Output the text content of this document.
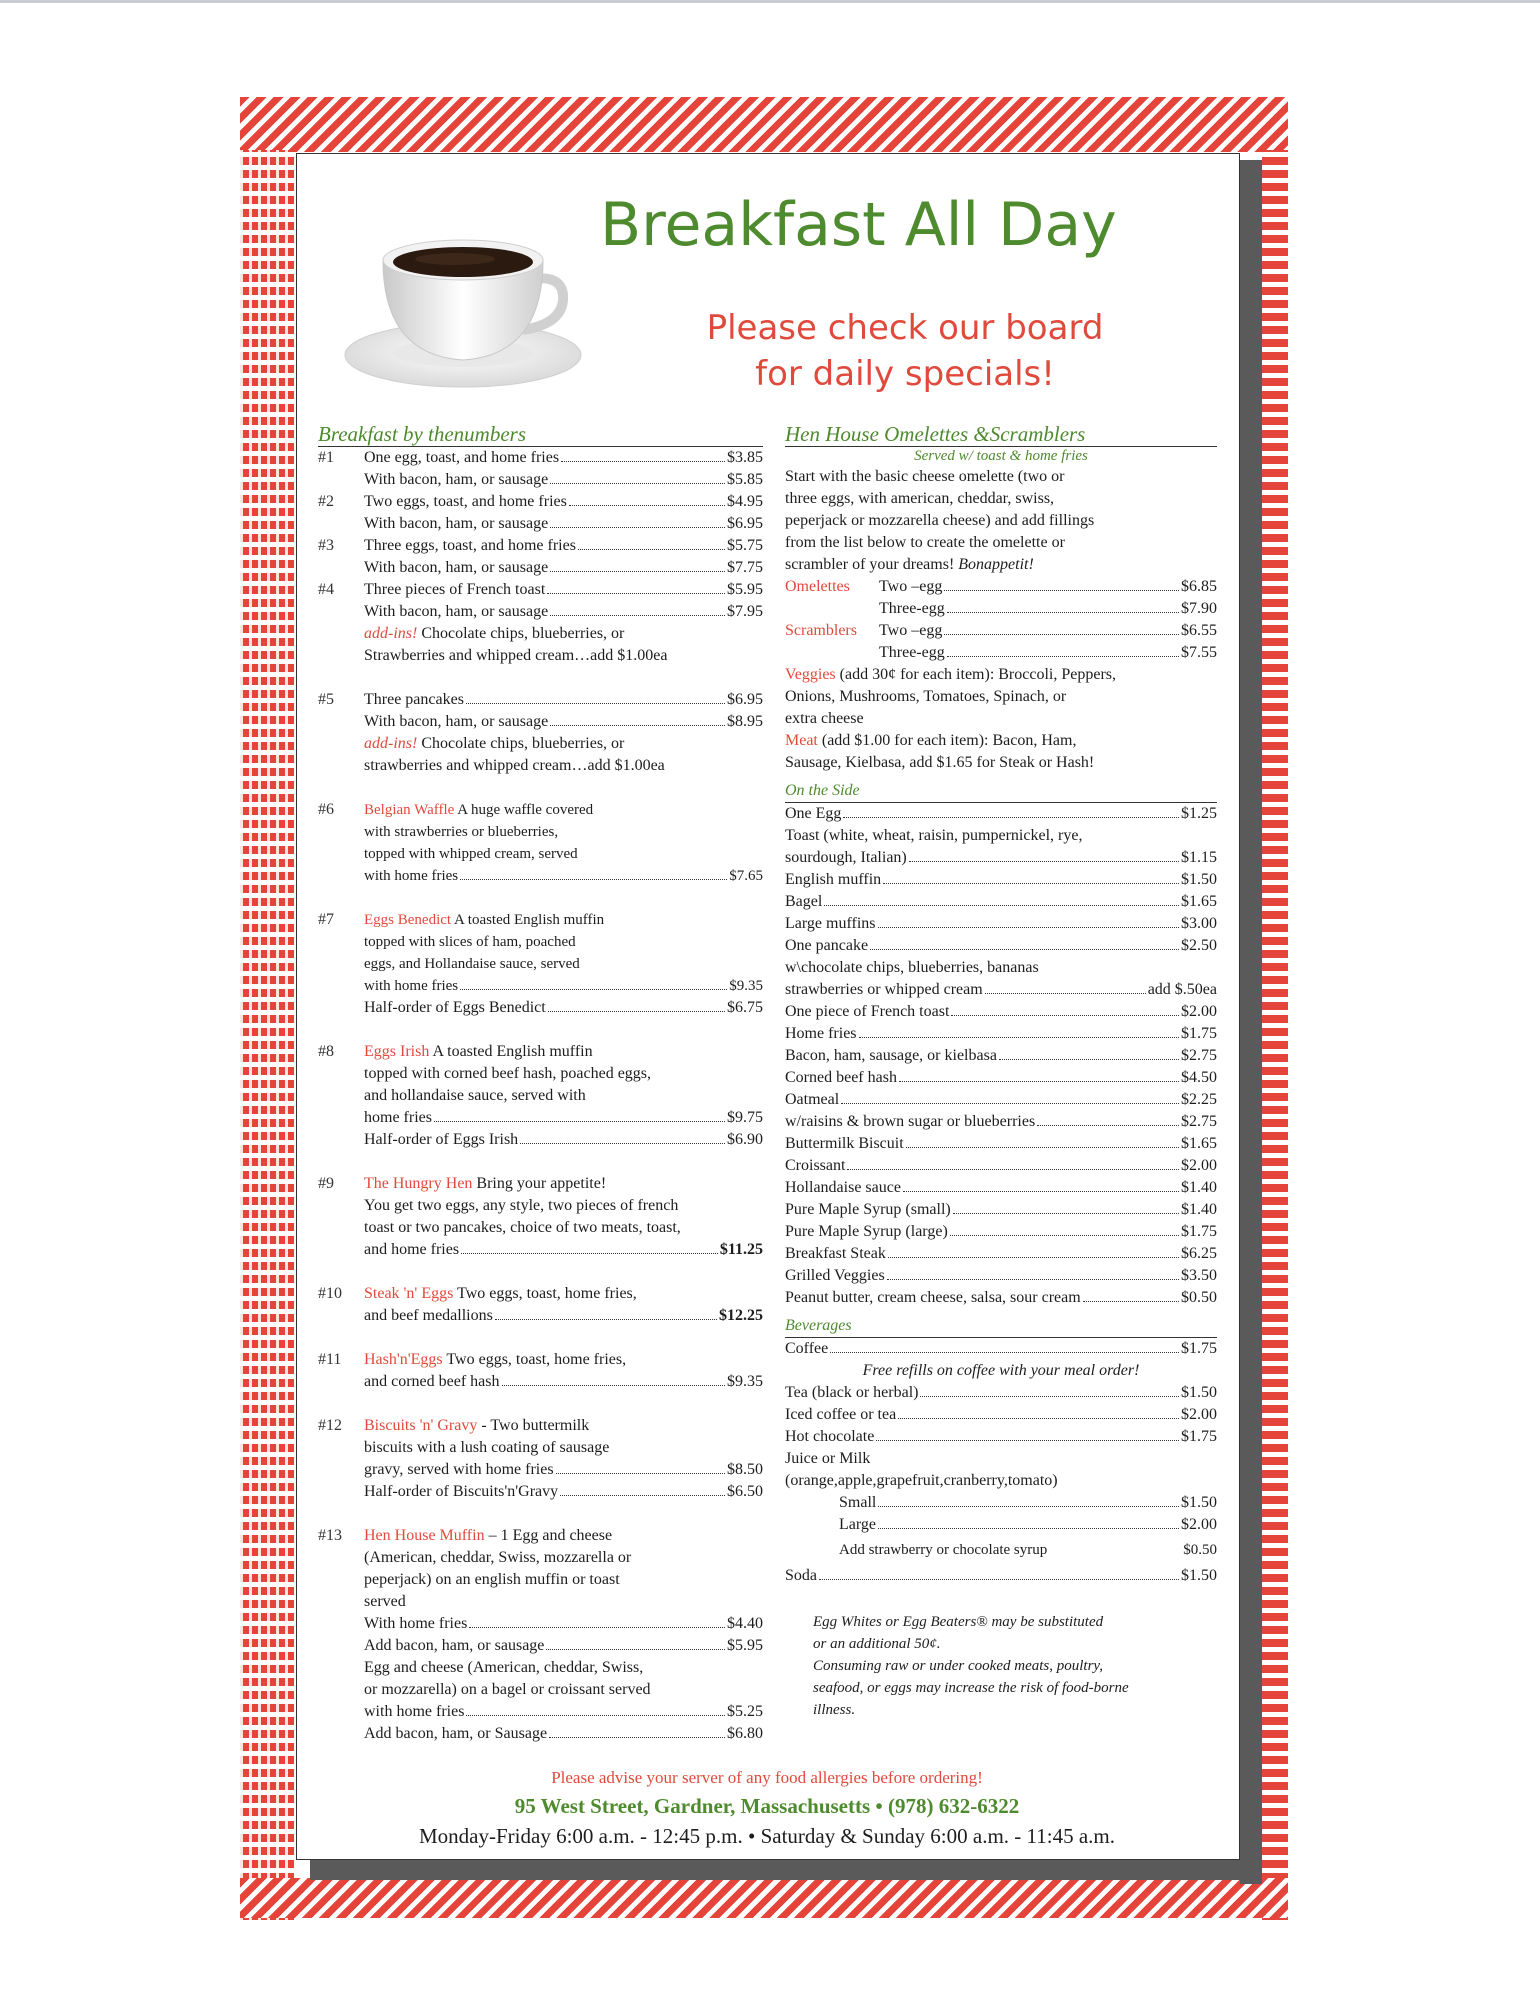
Breakfast All Day
Please check our board for daily specials!
Breakfast by thenumbers
#1	One egg, toast, and home fries	$3.85
With bacon, ham, or sausage	$5.85
#2	Two eggs, toast, and home fries	$4.95
With bacon, ham, or sausage	$6.95
#3	Three eggs, toast, and home fries	$5.75
With bacon, ham, or sausage	$7.75
#4	Three pieces of French toast	$5.95
With bacon, ham, or sausage	$7.95
add-ins! Chocolate chips, blueberries, or
Strawberries and whipped cream…add $1.00ea
#5	Three pancakes	$6.95
With bacon, ham, or sausage	$8.95
add-ins! Chocolate chips, blueberries, or
strawberries and whipped cream…add $1.00ea
#6	Belgian Waffle A huge waffle covered
with strawberries or blueberries,
topped with whipped cream, served
with home fries	$7.65
#7	Eggs Benedict A toasted English muffin
topped with slices of ham, poached
eggs, and Hollandaise sauce, served
with home fries	$9.35
Half-order of Eggs Benedict	$6.75
#8	Eggs Irish A toasted English muffin
topped with corned beef hash, poached eggs,
and hollandaise sauce, served with
home fries	$9.75
Half-order of Eggs Irish	$6.90
#9	The Hungry Hen Bring your appetite!
You get two eggs, any style, two pieces of french
toast or two pancakes, choice of two meats, toast,
and home fries	$11.25
#10	Steak 'n' Eggs Two eggs, toast, home fries,
and beef medallions	$12.25
#11	Hash'n'Eggs Two eggs, toast, home fries,
and corned beef hash	$9.35
#12	Biscuits 'n' Gravy - Two buttermilk
biscuits with a lush coating of sausage
gravy, served with home fries	$8.50
Half-order of Biscuits'n'Gravy	$6.50
#13	Hen House Muffin – 1 Egg and cheese
(American, cheddar, Swiss, mozzarella or
peperjack) on an english muffin or toast
served
With home fries	$4.40
Add bacon, ham, or sausage	$5.95
Egg and cheese (American, cheddar, Swiss,
or mozzarella) on a bagel or croissant served
with home fries	$5.25
Add bacon, ham, or Sausage	$6.80
Hen House Omelettes &Scramblers
Served w/ toast & home fries
Start with the basic cheese omelette (two or
three eggs, with american, cheddar, swiss,
peperjack or mozzarella cheese) and add fillings
from the list below to create the omelette or
scrambler of your dreams! Bonappetit!
Omelettes	Two –egg	$6.85
Three-egg	$7.90
Scramblers	Two –egg	$6.55
Three-egg	$7.55
Veggies (add 30¢ for each item): Broccoli, Peppers,
Onions, Mushrooms, Tomatoes, Spinach, or
extra cheese
Meat (add $1.00 for each item): Bacon, Ham,
Sausage, Kielbasa, add $1.65 for Steak or Hash!
On the Side
One Egg	$1.25
Toast (white, wheat, raisin, pumpernickel, rye,
sourdough, Italian)	$1.15
English muffin	$1.50
Bagel	$1.65
Large muffins	$3.00
One pancake	$2.50
w\chocolate chips, blueberries, bananas
strawberries or whipped cream	add $.50ea
One piece of French toast	$2.00
Home fries	$1.75
Bacon, ham, sausage, or kielbasa	$2.75
Corned beef hash	$4.50
Oatmeal	$2.25
w/raisins & brown sugar or blueberries	$2.75
Buttermilk Biscuit	$1.65
Croissant	$2.00
Hollandaise sauce	$1.40
Pure Maple Syrup (small)	$1.40
Pure Maple Syrup (large)	$1.75
Breakfast Steak	$6.25
Grilled Veggies	$3.50
Peanut butter, cream cheese, salsa, sour cream	$0.50
Beverages
Coffee	$1.75
Free refills on coffee with your meal order!
Tea (black or herbal)	$1.50
Iced coffee or tea	$2.00
Hot chocolate	$1.75
Juice or Milk
(orange,apple,grapefruit,cranberry,tomato)
Small	$1.50
Large	$2.00
Add strawberry or chocolate syrup	$0.50
Soda	$1.50
Egg Whites or Egg Beaters® may be substituted
or an additional 50¢.
Consuming raw or under cooked meats, poultry,
seafood, or eggs may increase the risk of food-borne
illness.
Please advise your server of any food allergies before ordering!
95 West Street, Gardner, Massachusetts • (978) 632-6322
Monday-Friday 6:00 a.m. - 12:45 p.m. • Saturday & Sunday 6:00 a.m. - 11:45 a.m.
